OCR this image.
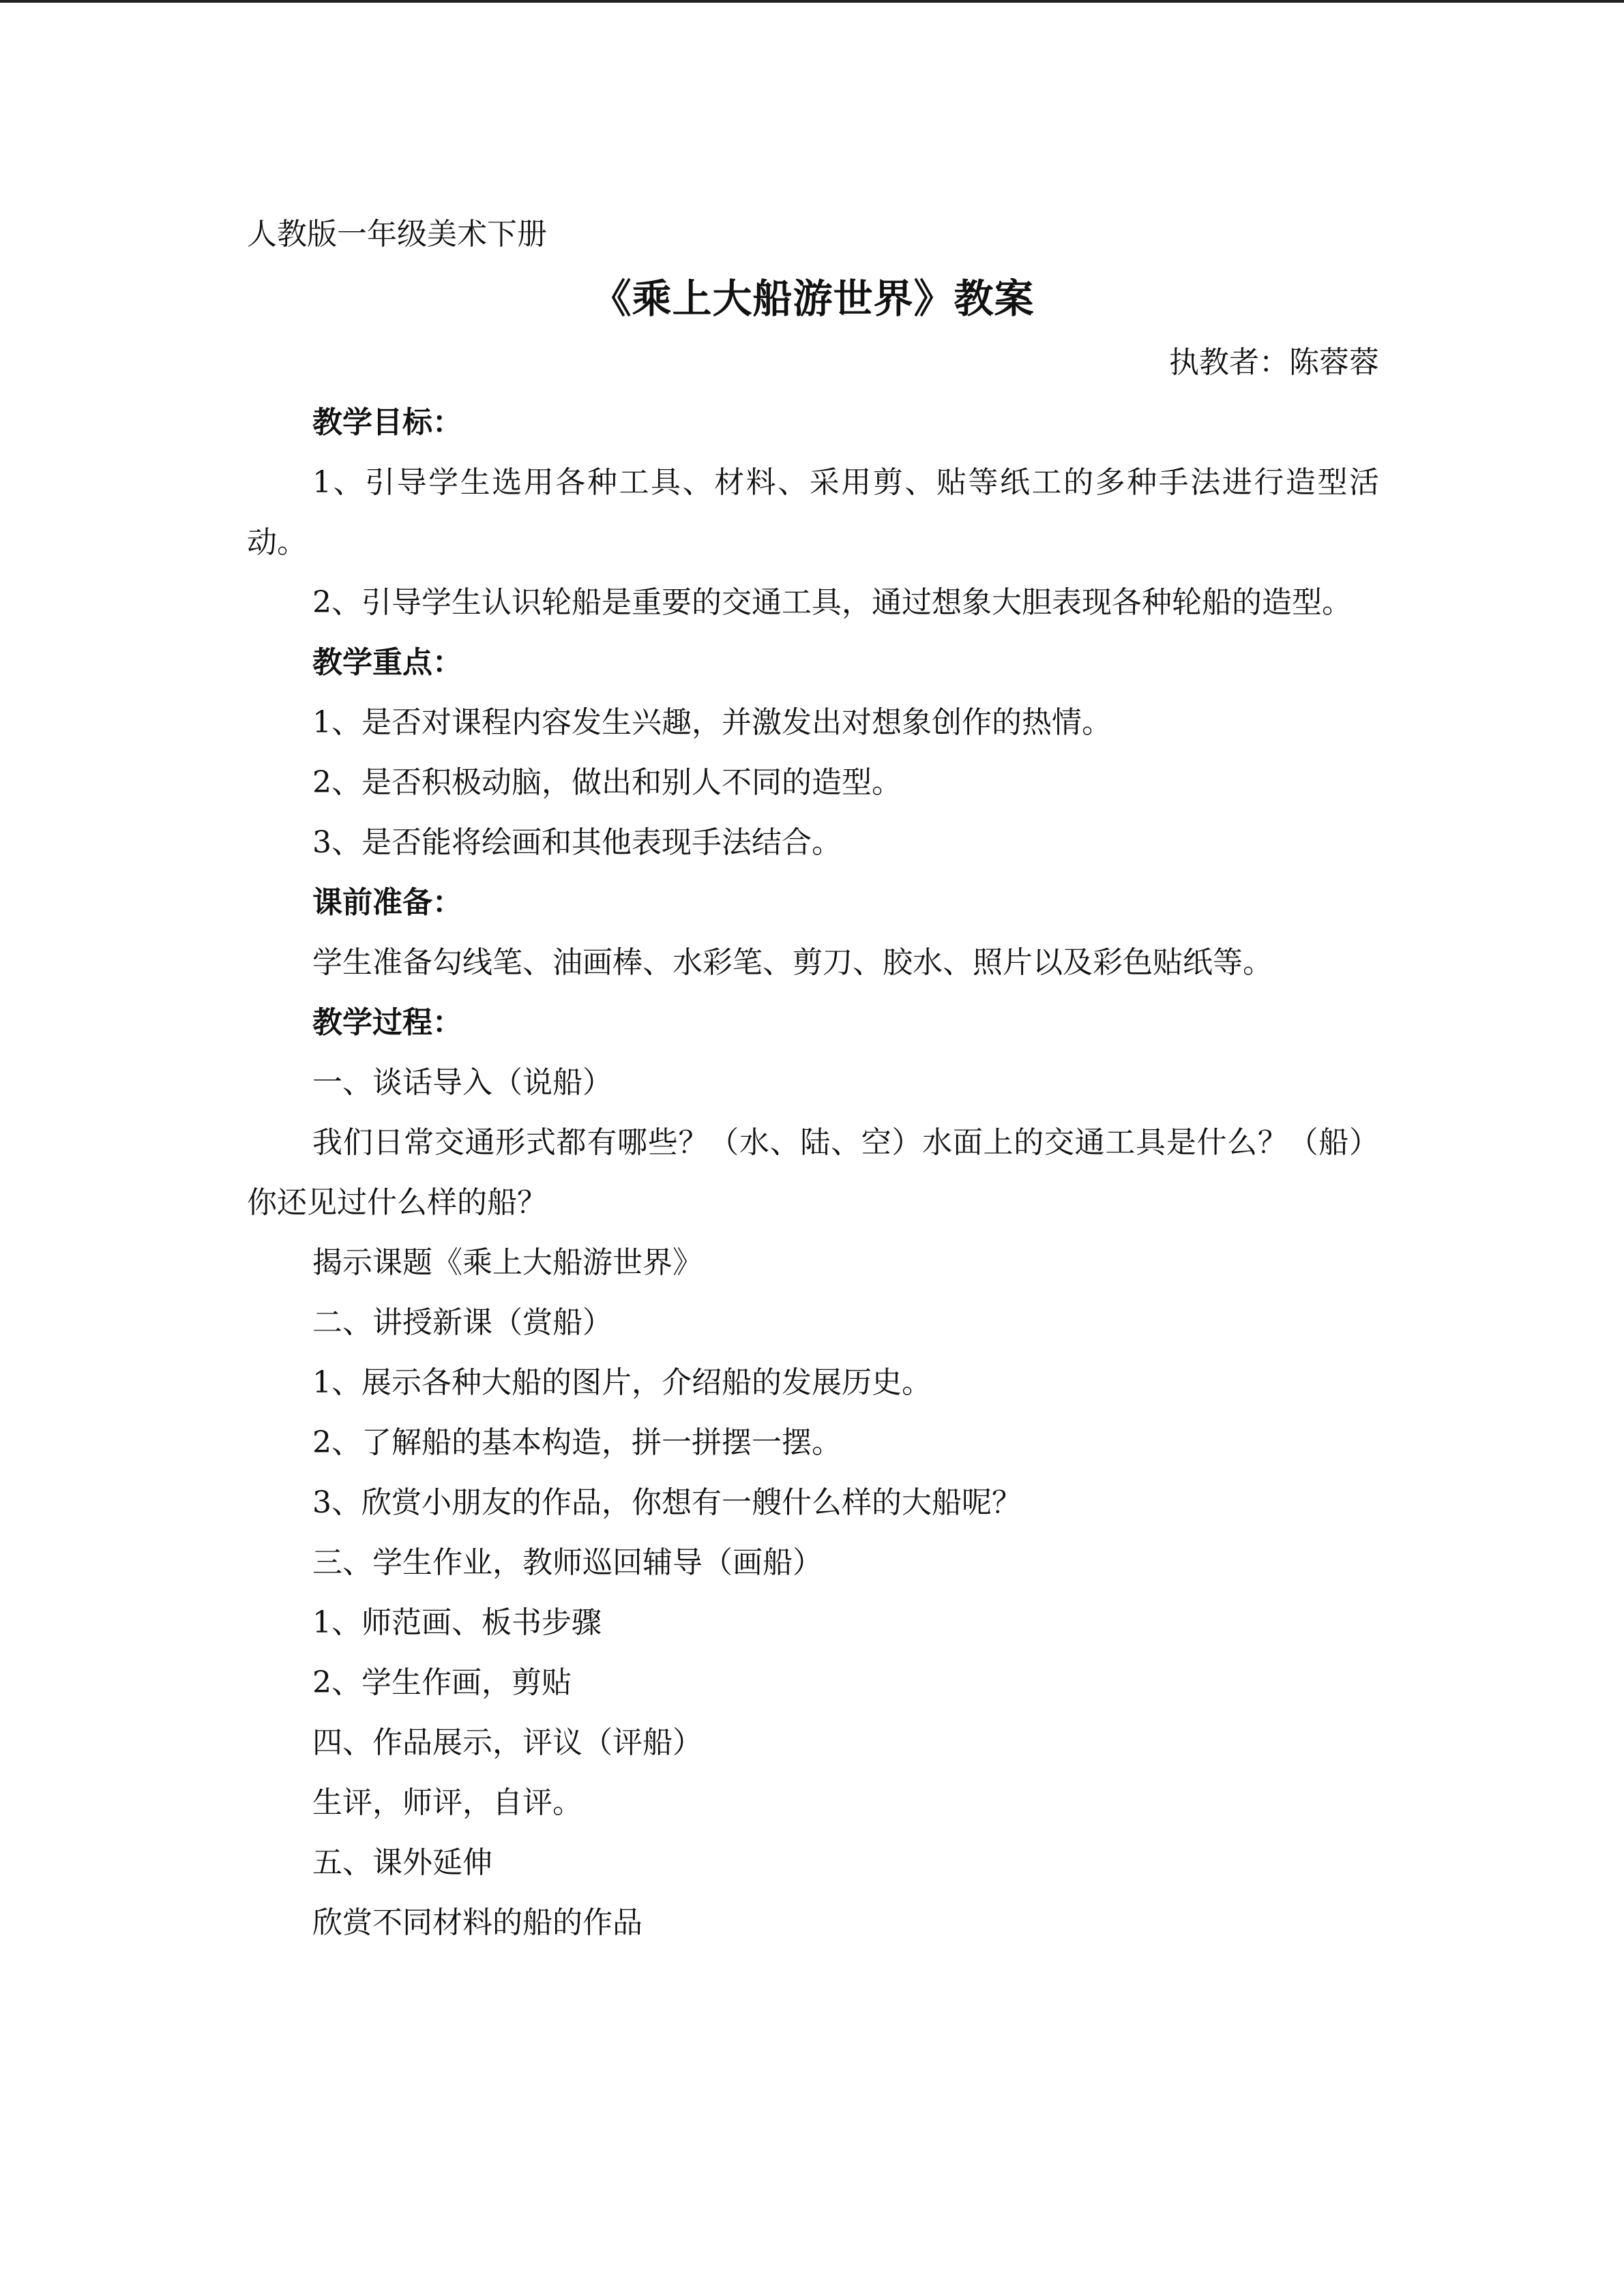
人教版一年级美术下册

《乘上大船游世界》教案

执教者：陈蓉蓉

教学目标：

1、引导学生选用各种工具、材料、采用剪、贴等纸工的多种手法进行造型活动。

2、引导学生认识轮船是重要的交通工具，通过想象大胆表现各种轮船的造型。

教学重点：

1、是否对课程内容发生兴趣，并激发出对想象创作的热情。

2、是否积极动脑，做出和别人不同的造型。

3、是否能将绘画和其他表现手法结合。

课前准备：

学生准备勾线笔、油画棒、水彩笔、剪刀、胶水、照片以及彩色贴纸等。

教学过程：

一、谈话导入（说船）

我们日常交通形式都有哪些？（水、陆、空）水面上的交通工具是什么？（船）你还见过什么样的船？

揭示课题《乘上大船游世界》

二、讲授新课（赏船）

1、展示各种大船的图片，介绍船的发展历史。

2、了解船的基本构造，拼一拼摆一摆。

3、欣赏小朋友的作品，你想有一艘什么样的大船呢？

三、学生作业，教师巡回辅导（画船）

1、师范画、板书步骤

2、学生作画，剪贴

四、作品展示，评议（评船）

生评，师评，自评。

五、课外延伸

欣赏不同材料的船的作品
